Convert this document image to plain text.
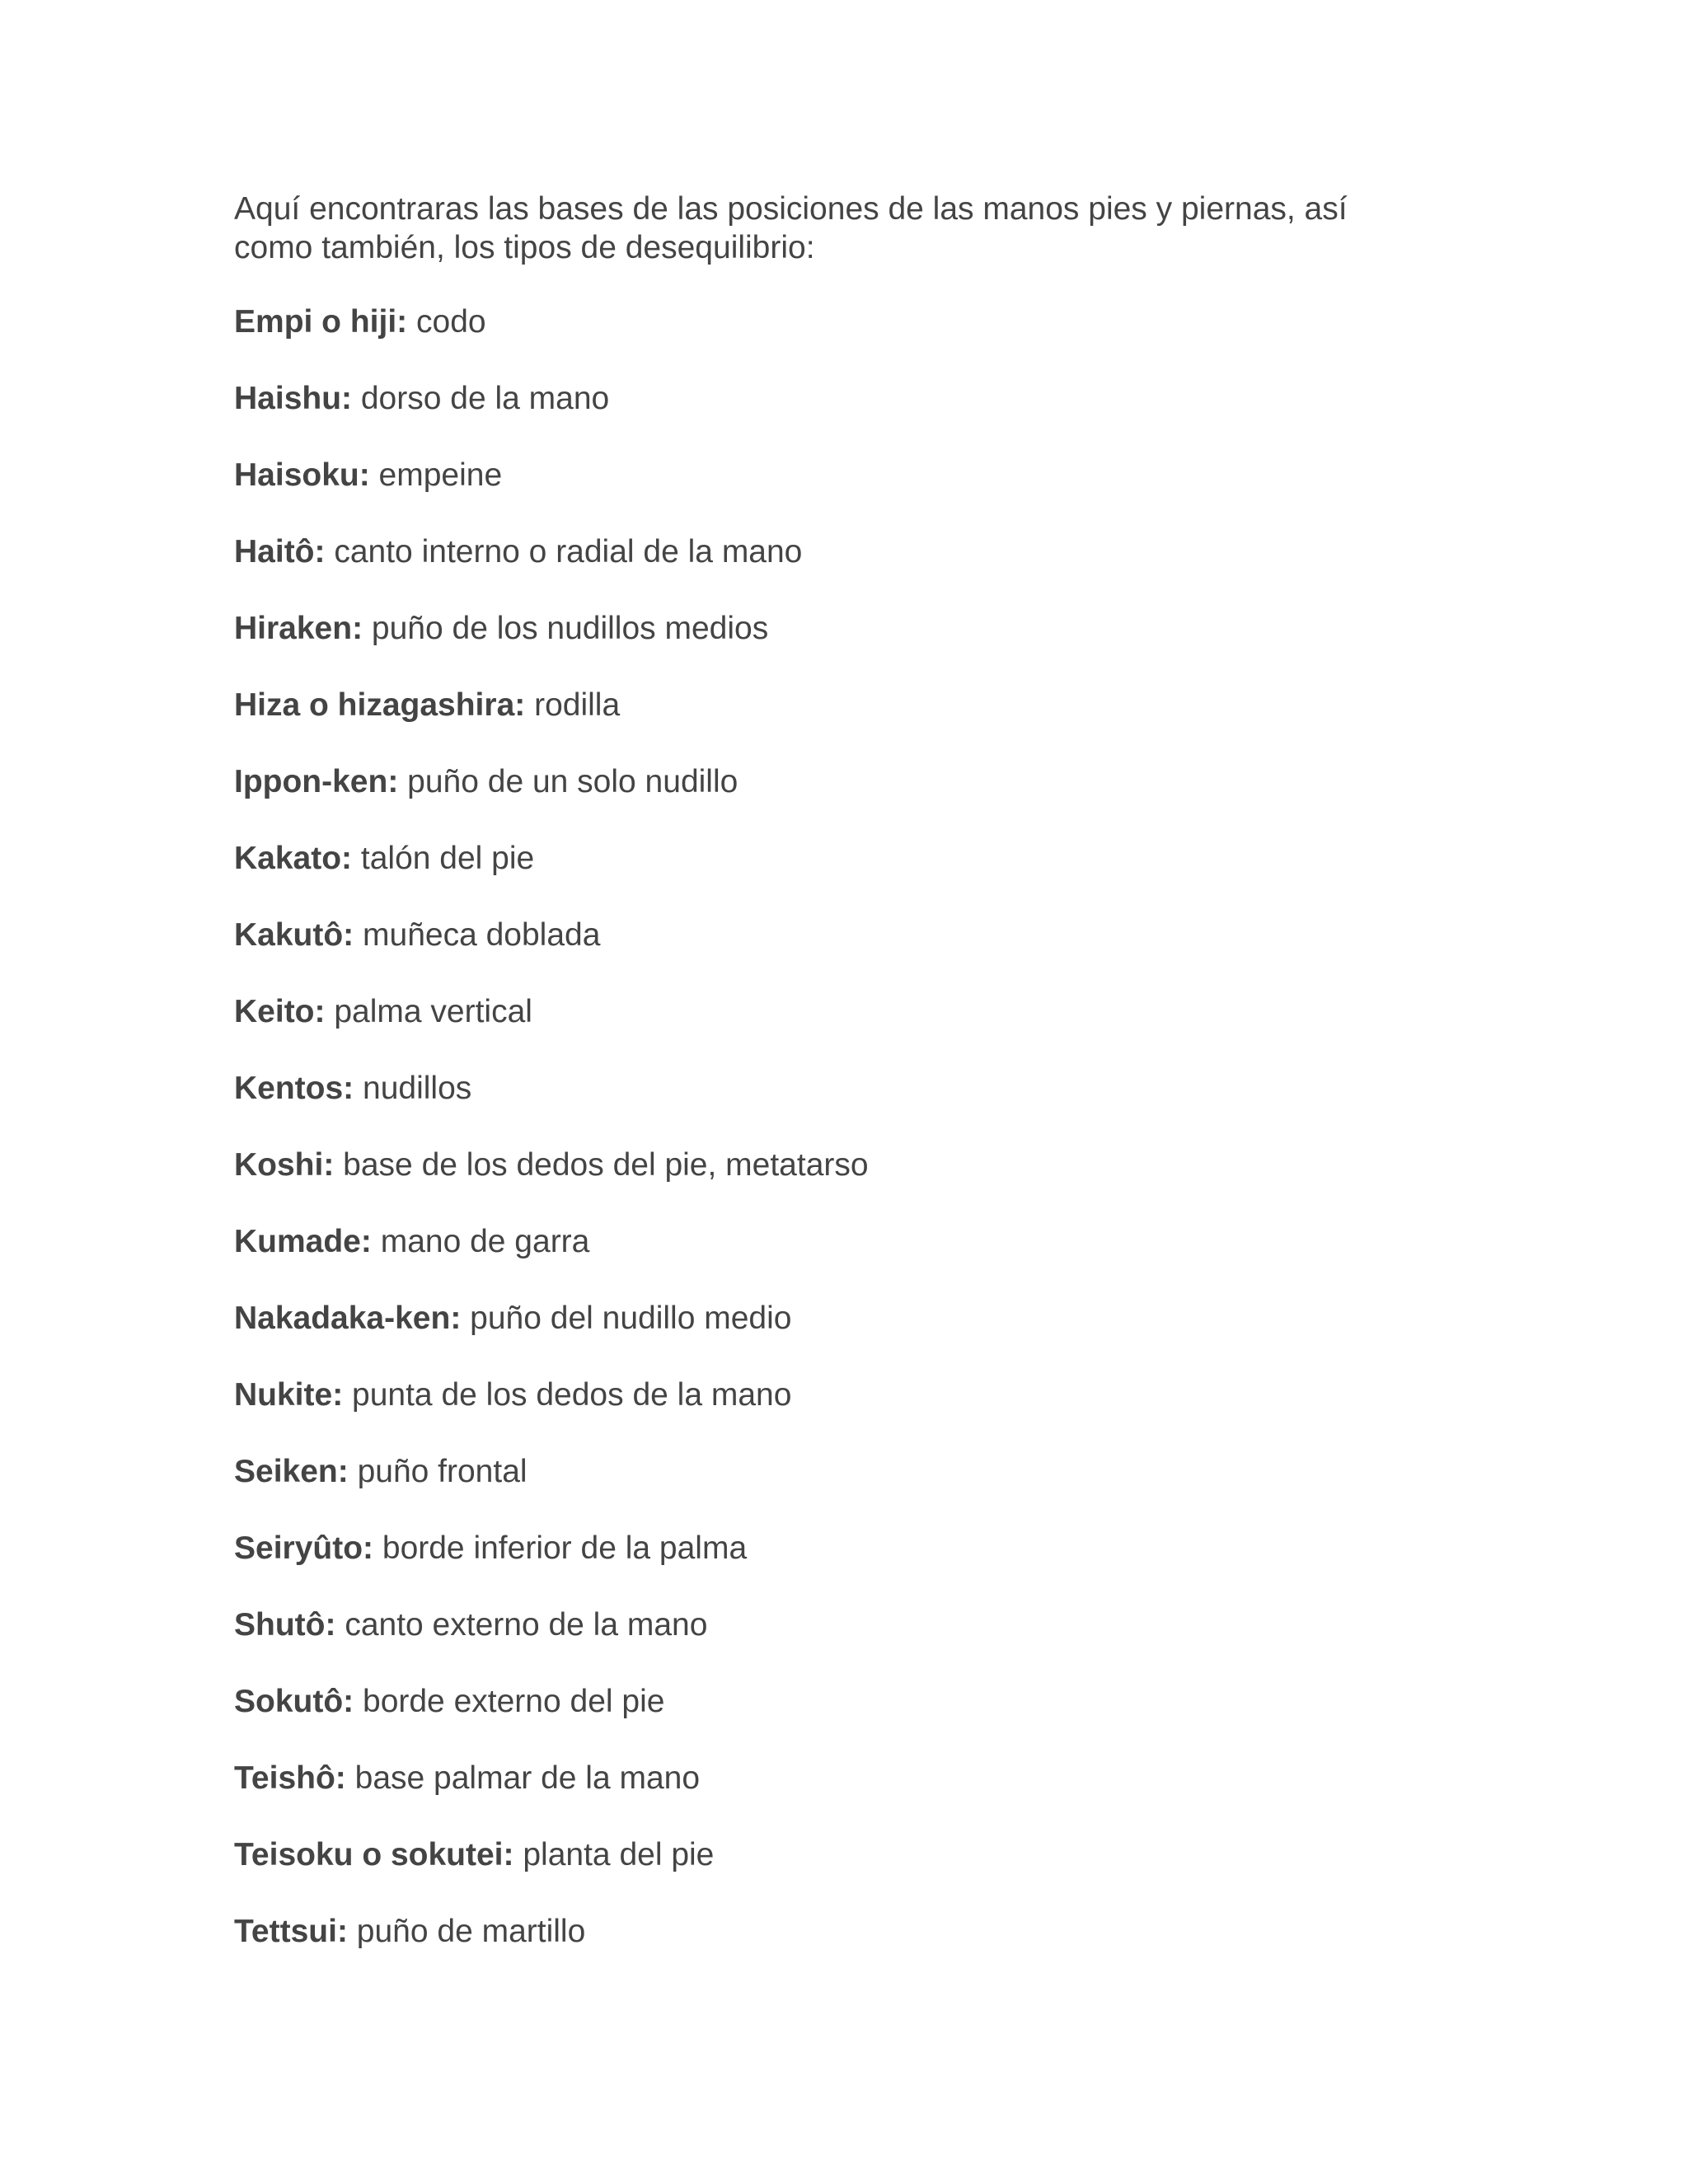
Aquí encontraras las bases de las posiciones de las manos pies y piernas, así como también, los tipos de desequilibrio:

Empi o hiji: codo
Haishu: dorso de la mano
Haisoku: empeine
Haitô: canto interno o radial de la mano
Hiraken: puño de los nudillos medios
Hiza o hizagashira: rodilla
Ippon-ken: puño de un solo nudillo
Kakato: talón del pie
Kakutô: muñeca doblada
Keito: palma vertical
Kentos: nudillos
Koshi: base de los dedos del pie, metatarso
Kumade: mano de garra
Nakadaka-ken: puño del nudillo medio
Nukite: punta de los dedos de la mano
Seiken: puño frontal
Seiryûto: borde inferior de la palma
Shutô: canto externo de la mano
Sokutô: borde externo del pie
Teishô: base palmar de la mano
Teisoku o sokutei: planta del pie
Tettsui: puño de martillo
